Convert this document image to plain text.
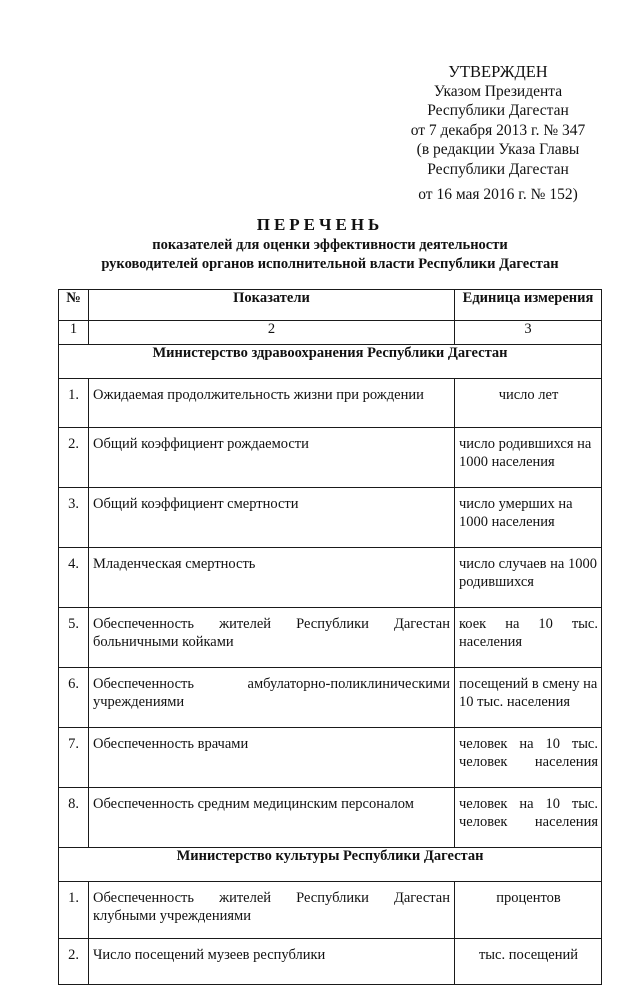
УТВЕРЖДЕН
Указом Президента
Республики Дагестан
от 7 декабря 2013 г. № 347
(в редакции Указа Главы
Республики Дагестан
от 16 мая 2016 г. № 152)
ПЕРЕЧЕНЬ
показателей для оценки эффективности деятельности
руководителей органов исполнительной власти Республики Дагестан
№	Показатели	Единица измерения
1	2	3
Министерство здравоохранения Республики Дагестан		
1.	Ожидаемая продолжительность жизни при рождении	число лет
2.	Общий коэффициент рождаемости	число родившихся на 1000 населения
3.	Общий коэффициент смертности	число умерших на 1000 населения
4.	Младенческая смертность	число случаев на 1000 родившихся
5.	Обеспеченность жителей Республики Дагестан больничными койками	коек на 10 тыс. населения
6.	Обеспеченность амбулаторно-поликлиническими учреждениями	посещений в смену на 10 тыс. населения
7.	Обеспеченность врачами	человек на 10 тыс. человек населения
8.	Обеспеченность средним медицинским персоналом	человек на 10 тыс. человек населения
Министерство культуры Республики Дагестан		
1.	Обеспеченность жителей Республики Дагестан клубными учреждениями	процентов
2.	Число посещений музеев республики	тыс. посещений
